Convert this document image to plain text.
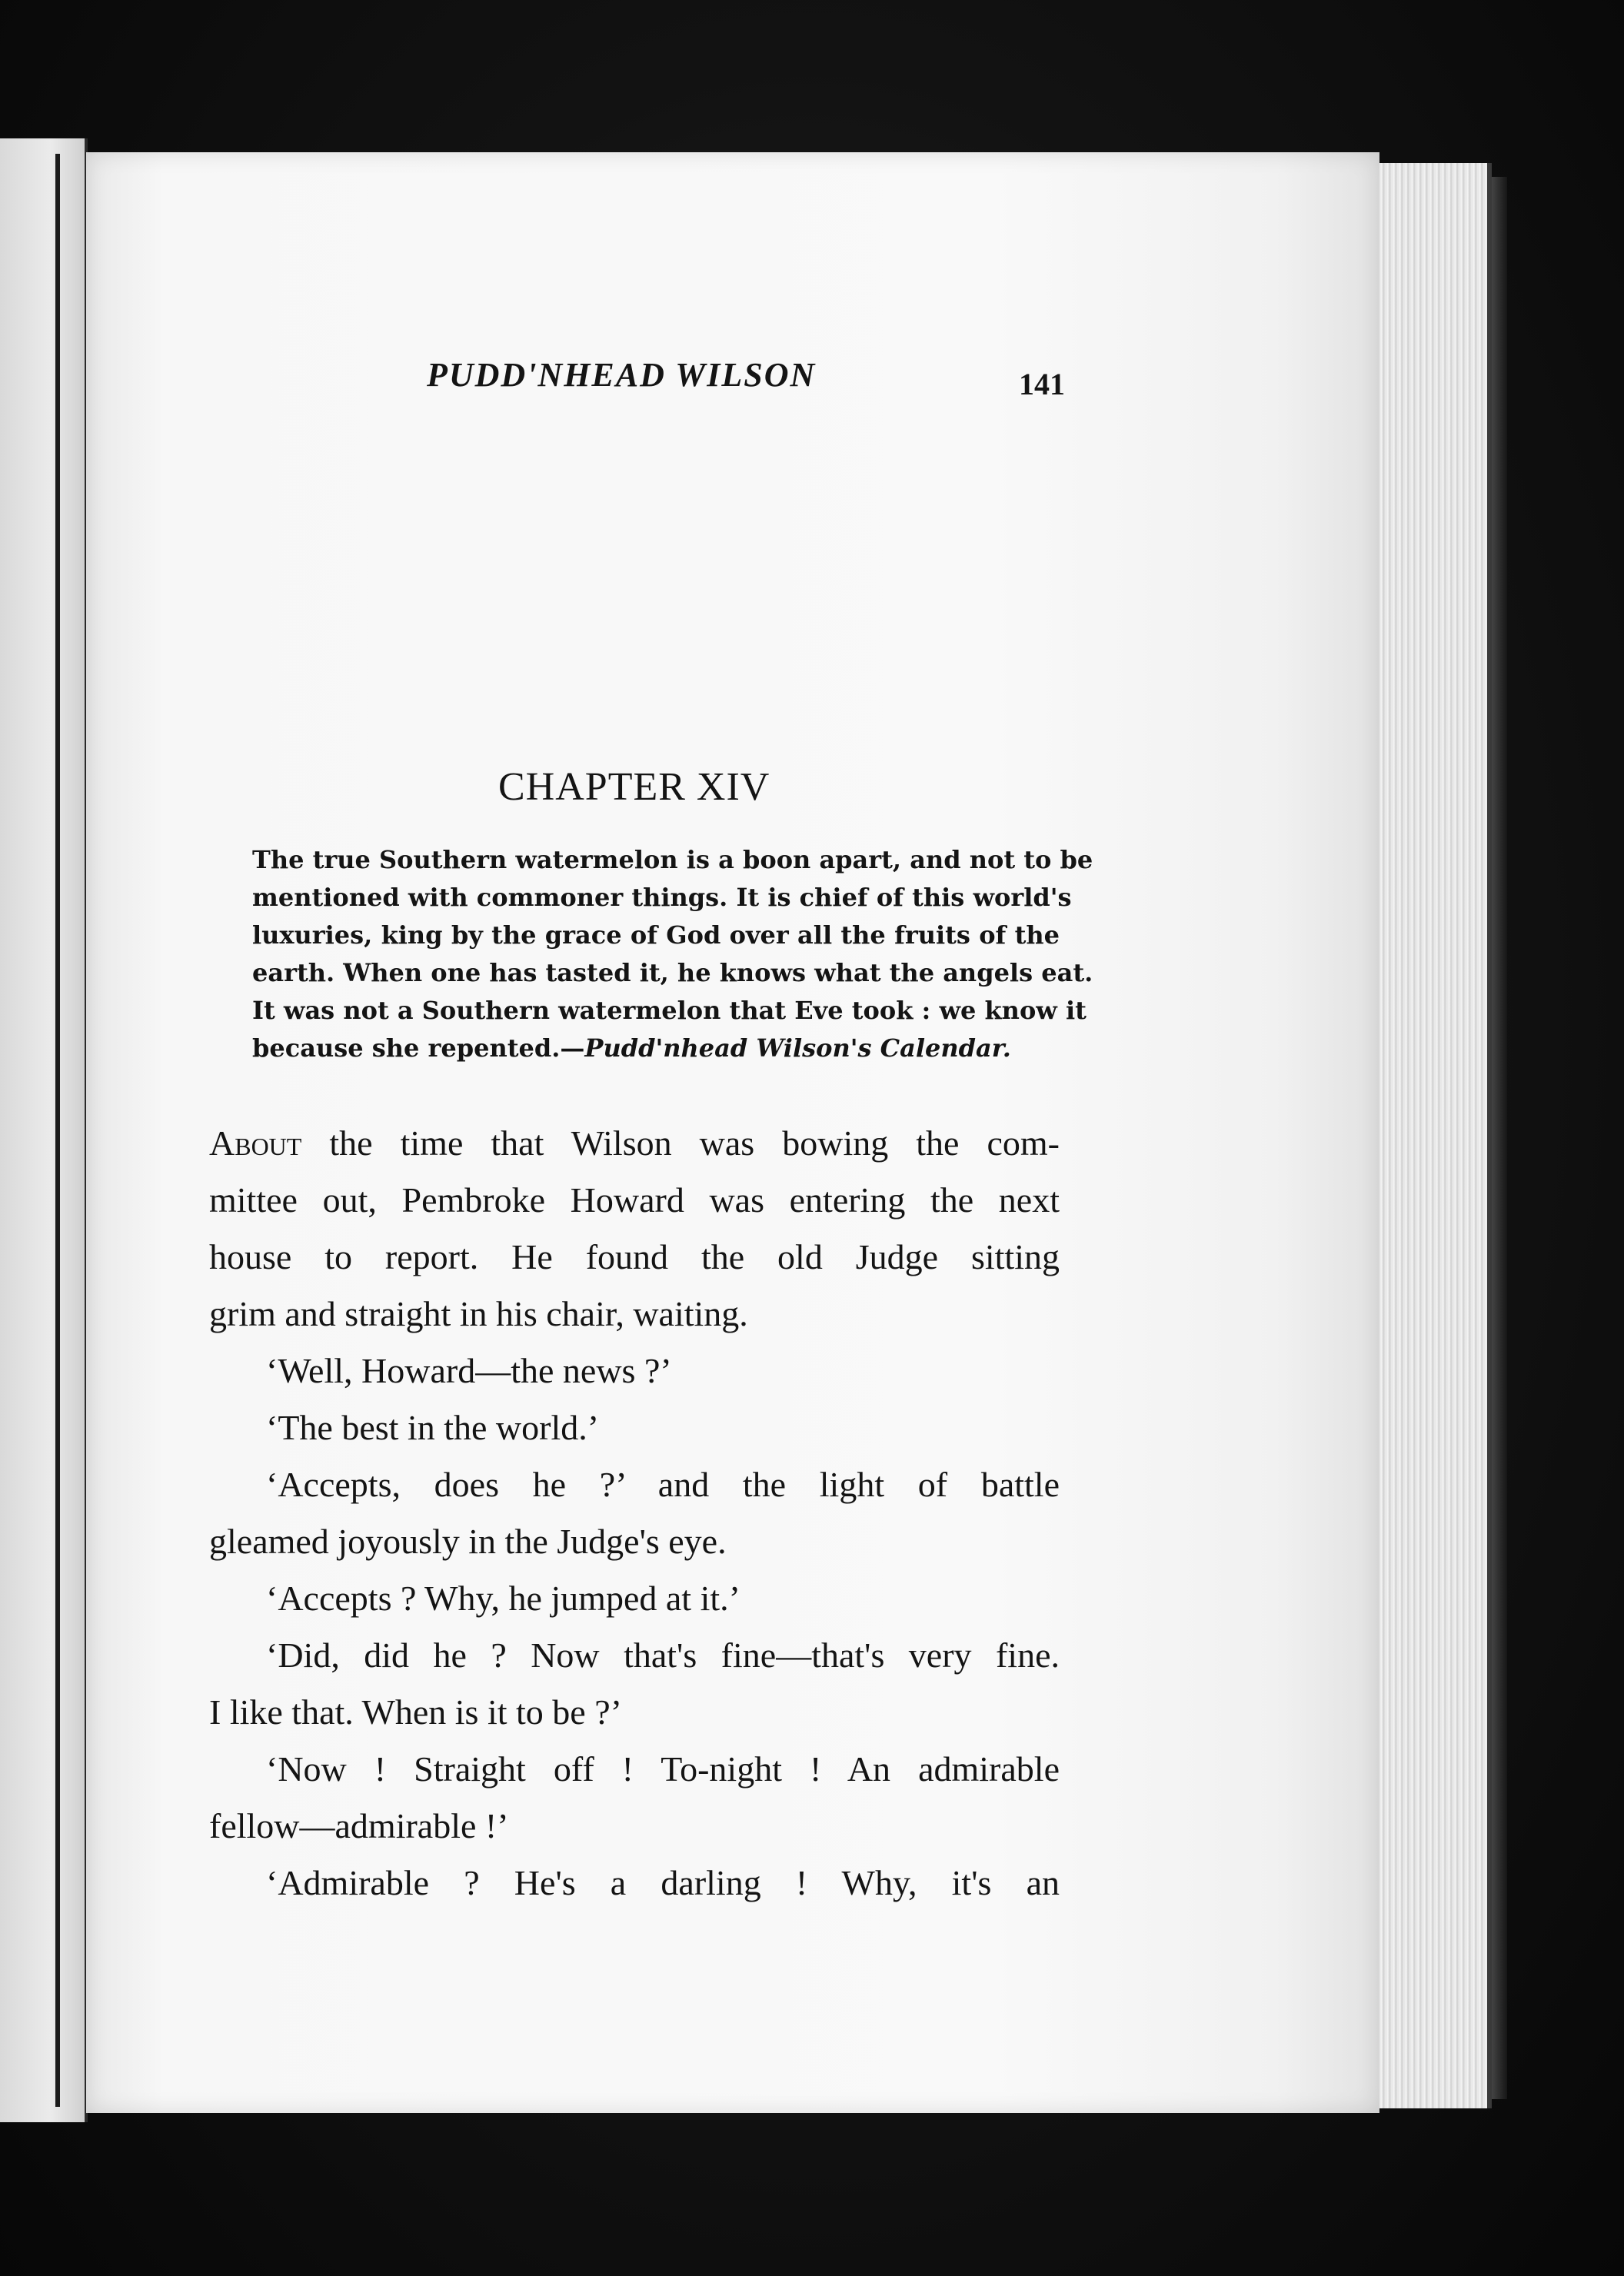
PUDD'NHEAD WILSON	141
CHAPTER XIV
The true Southern watermelon is a boon apart, and not to be
mentioned with commoner things. It is chief of this world's
luxuries, king by the grace of God over all the fruits of the
earth. When one has tasted it, he knows what the angels eat.
It was not a Southern watermelon that Eve took : we know it
because she repented.—Pudd'nhead Wilson's Calendar.
About the time that Wilson was bowing the com-
mittee out, Pembroke Howard was entering the next
house to report. He found the old Judge sitting
grim and straight in his chair, waiting.
‘Well, Howard—the news ?’
‘The best in the world.’
‘Accepts, does he ?’ and the light of battle
gleamed joyously in the Judge's eye.
‘Accepts ? Why, he jumped at it.’
‘Did, did he ? Now that's fine—that's very fine.
I like that. When is it to be ?’
‘Now ! Straight off ! To-night ! An admirable
fellow—admirable !’
‘Admirable ? He's a darling ! Why, it's an
